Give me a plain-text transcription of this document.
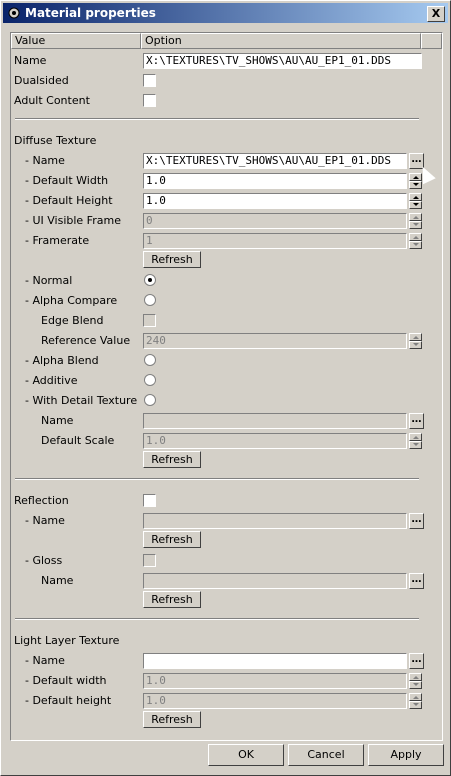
Material properties	X
Value	Option
Name	X:\TEXTURES\TV_SHOWS\AU\AU_EP1_01.DDS
Dualsided
Adult Content
Diffuse Texture
- Name	X:\TEXTURES\TV_SHOWS\AU\AU_EP1_01.DDS	…
- Default Width	1.0
- Default Height	1.0
- UI Visible Frame 0
- Framerate	1
Refresh
- Normal
- Alpha Compare
Edge Blend
Reference Value 240
- Alpha Blend
- Additive
- With Detail Texture
Name	…
Default Scale	1.0
Refresh
Reflection
- Name	…
Refresh
- Gloss
Name	…
Refresh
Light Layer Texture
- Name	…
- Default width	1.0
- Default height	1.0
Refresh
OK	Cancel	Apply
